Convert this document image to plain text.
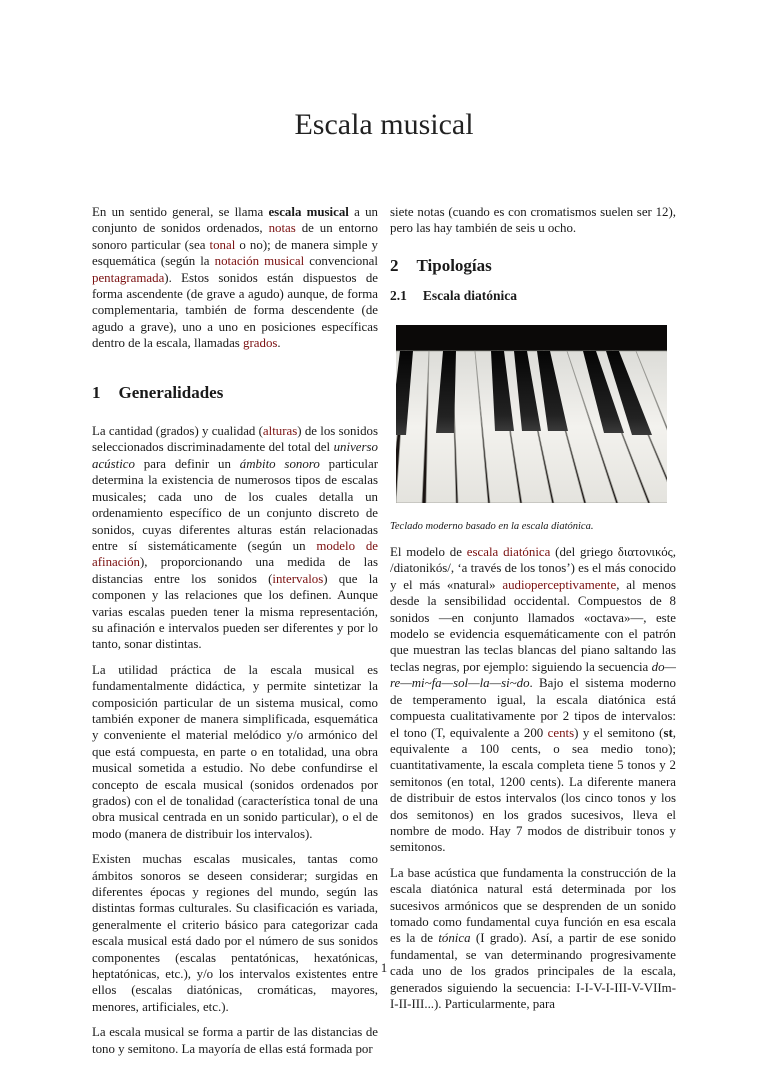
Escala musical

En un sentido general, se llama escala musical a un conjunto de sonidos ordenados, notas de un entorno sonoro particular (sea tonal o no); de manera simple y esquemática (según la notación musical convencional pentagramada). Estos sonidos están dispuestos de forma ascendente (de grave a agudo) aunque, de forma complementaria, también de forma descendente (de agudo a grave), uno a uno en posiciones específicas dentro de la escala, llamadas grados.

1 Generalidades

La cantidad (grados) y cualidad (alturas) de los sonidos seleccionados discriminadamente del total del universo acústico para definir un ámbito sonoro particular determina la existencia de numerosos tipos de escalas musicales; cada uno de los cuales detalla un ordenamiento específico de un conjunto discreto de sonidos, cuyas diferentes alturas están relacionadas entre sí sistemáticamente (según un modelo de afinación), proporcionando una medida de las distancias entre los sonidos (intervalos) que la componen y las relaciones que los definen. Aunque varias escalas pueden tener la misma representación, su afinación e intervalos pueden ser diferentes y por lo tanto, sonar distintas.

La utilidad práctica de la escala musical es fundamentalmente didáctica, y permite sintetizar la composición particular de un sistema musical, como también exponer de manera simplificada, esquemática y conveniente el material melódico y/o armónico del que está compuesta, en parte o en totalidad, una obra musical sometida a estudio. No debe confundirse el concepto de escala musical (sonidos ordenados por grados) con el de tonalidad (característica tonal de una obra musical centrada en un sonido particular), o el de modo (manera de distribuir los intervalos).

Existen muchas escalas musicales, tantas como ámbitos sonoros se deseen considerar; surgidas en diferentes épocas y regiones del mundo, según las distintas formas culturales. Su clasificación es variada, generalmente el criterio básico para categorizar cada escala musical está dado por el número de sus sonidos componentes (escalas pentatónicas, hexatónicas, heptatónicas, etc.), y/o los intervalos existentes entre ellos (escalas diatónicas, cromáticas, mayores, menores, artificiales, etc.).

La escala musical se forma a partir de las distancias de tono y semitono. La mayoría de ellas está formada por

siete notas (cuando es con cromatismos suelen ser 12), pero las hay también de seis u ocho.

2 Tipologías
2.1 Escala diatónica

Teclado moderno basado en la escala diatónica.

El modelo de escala diatónica (del griego διατονικός, /diatonikós/, ‘a través de los tonos’) es el más conocido y el más «natural» audioperceptivamente, al menos desde la sensibilidad occidental. Compuestos de 8 sonidos —en conjunto llamados «octava»—, este modelo se evidencia esquemáticamente con el patrón que muestran las teclas blancas del piano saltando las teclas negras, por ejemplo: siguiendo la secuencia do—re—mi~fa—sol—la—si~do. Bajo el sistema moderno de temperamento igual, la escala diatónica está compuesta cualitativamente por 2 tipos de intervalos: el tono (T, equivalente a 200 cents) y el semitono (st, equivalente a 100 cents, o sea medio tono); cuantitativamente, la escala completa tiene 5 tonos y 2 semitonos (en total, 1200 cents). La diferente manera de distribuir de estos intervalos (los cinco tonos y los dos semitonos) en los grados sucesivos, lleva el nombre de modo. Hay 7 modos de distribuir tonos y semitonos.

La base acústica que fundamenta la construcción de la escala diatónica natural está determinada por los sucesivos armónicos que se desprenden de un sonido tomado como fundamental cuya función en esa escala es la de tónica (I grado). Así, a partir de ese sonido fundamental, se van determinando progresivamente cada uno de los grados principales de la escala, generados siguiendo la secuencia: I-I-V-I-III-V-VIIm-I-II-III...). Particularmente, para

1
